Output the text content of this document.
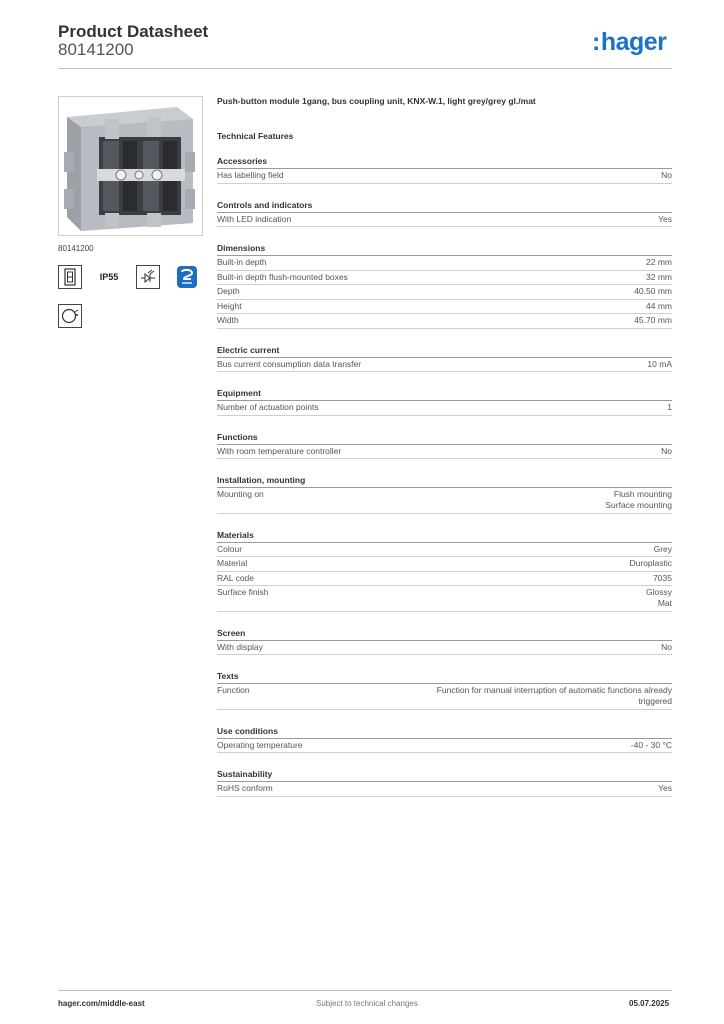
Product Datasheet
80141200	:hager
80141200
IP55
Push-button module 1gang, bus coupling unit, KNX-W.1, light grey/grey gl./mat
Technical Features
Accessories
Has labelling field	No
Controls and indicators
With LED indication	Yes
Dimensions
Built-in depth	22 mm
Built-in depth flush-mounted boxes	32 mm
Depth	40.50 mm
Height	44 mm
Width	45.70 mm
Electric current
Bus current consumption data transfer	10 mA
Equipment
Number of actuation points	1
Functions
With room temperature controller	No
Installation, mounting
Mounting on	Flush mounting
Surface mounting
Materials
Colour	Grey
Material	Duroplastic
RAL code	7035
Surface finish	Glossy
Mat
Screen
With display	No
Texts
Function	Function for manual interruption of automatic functions already
triggered
Use conditions
Operating temperature	-40 - 30 °C
Sustainability
RoHS conform	Yes
hager.com/middle-east	Subject to technical changes	05.07.2025
